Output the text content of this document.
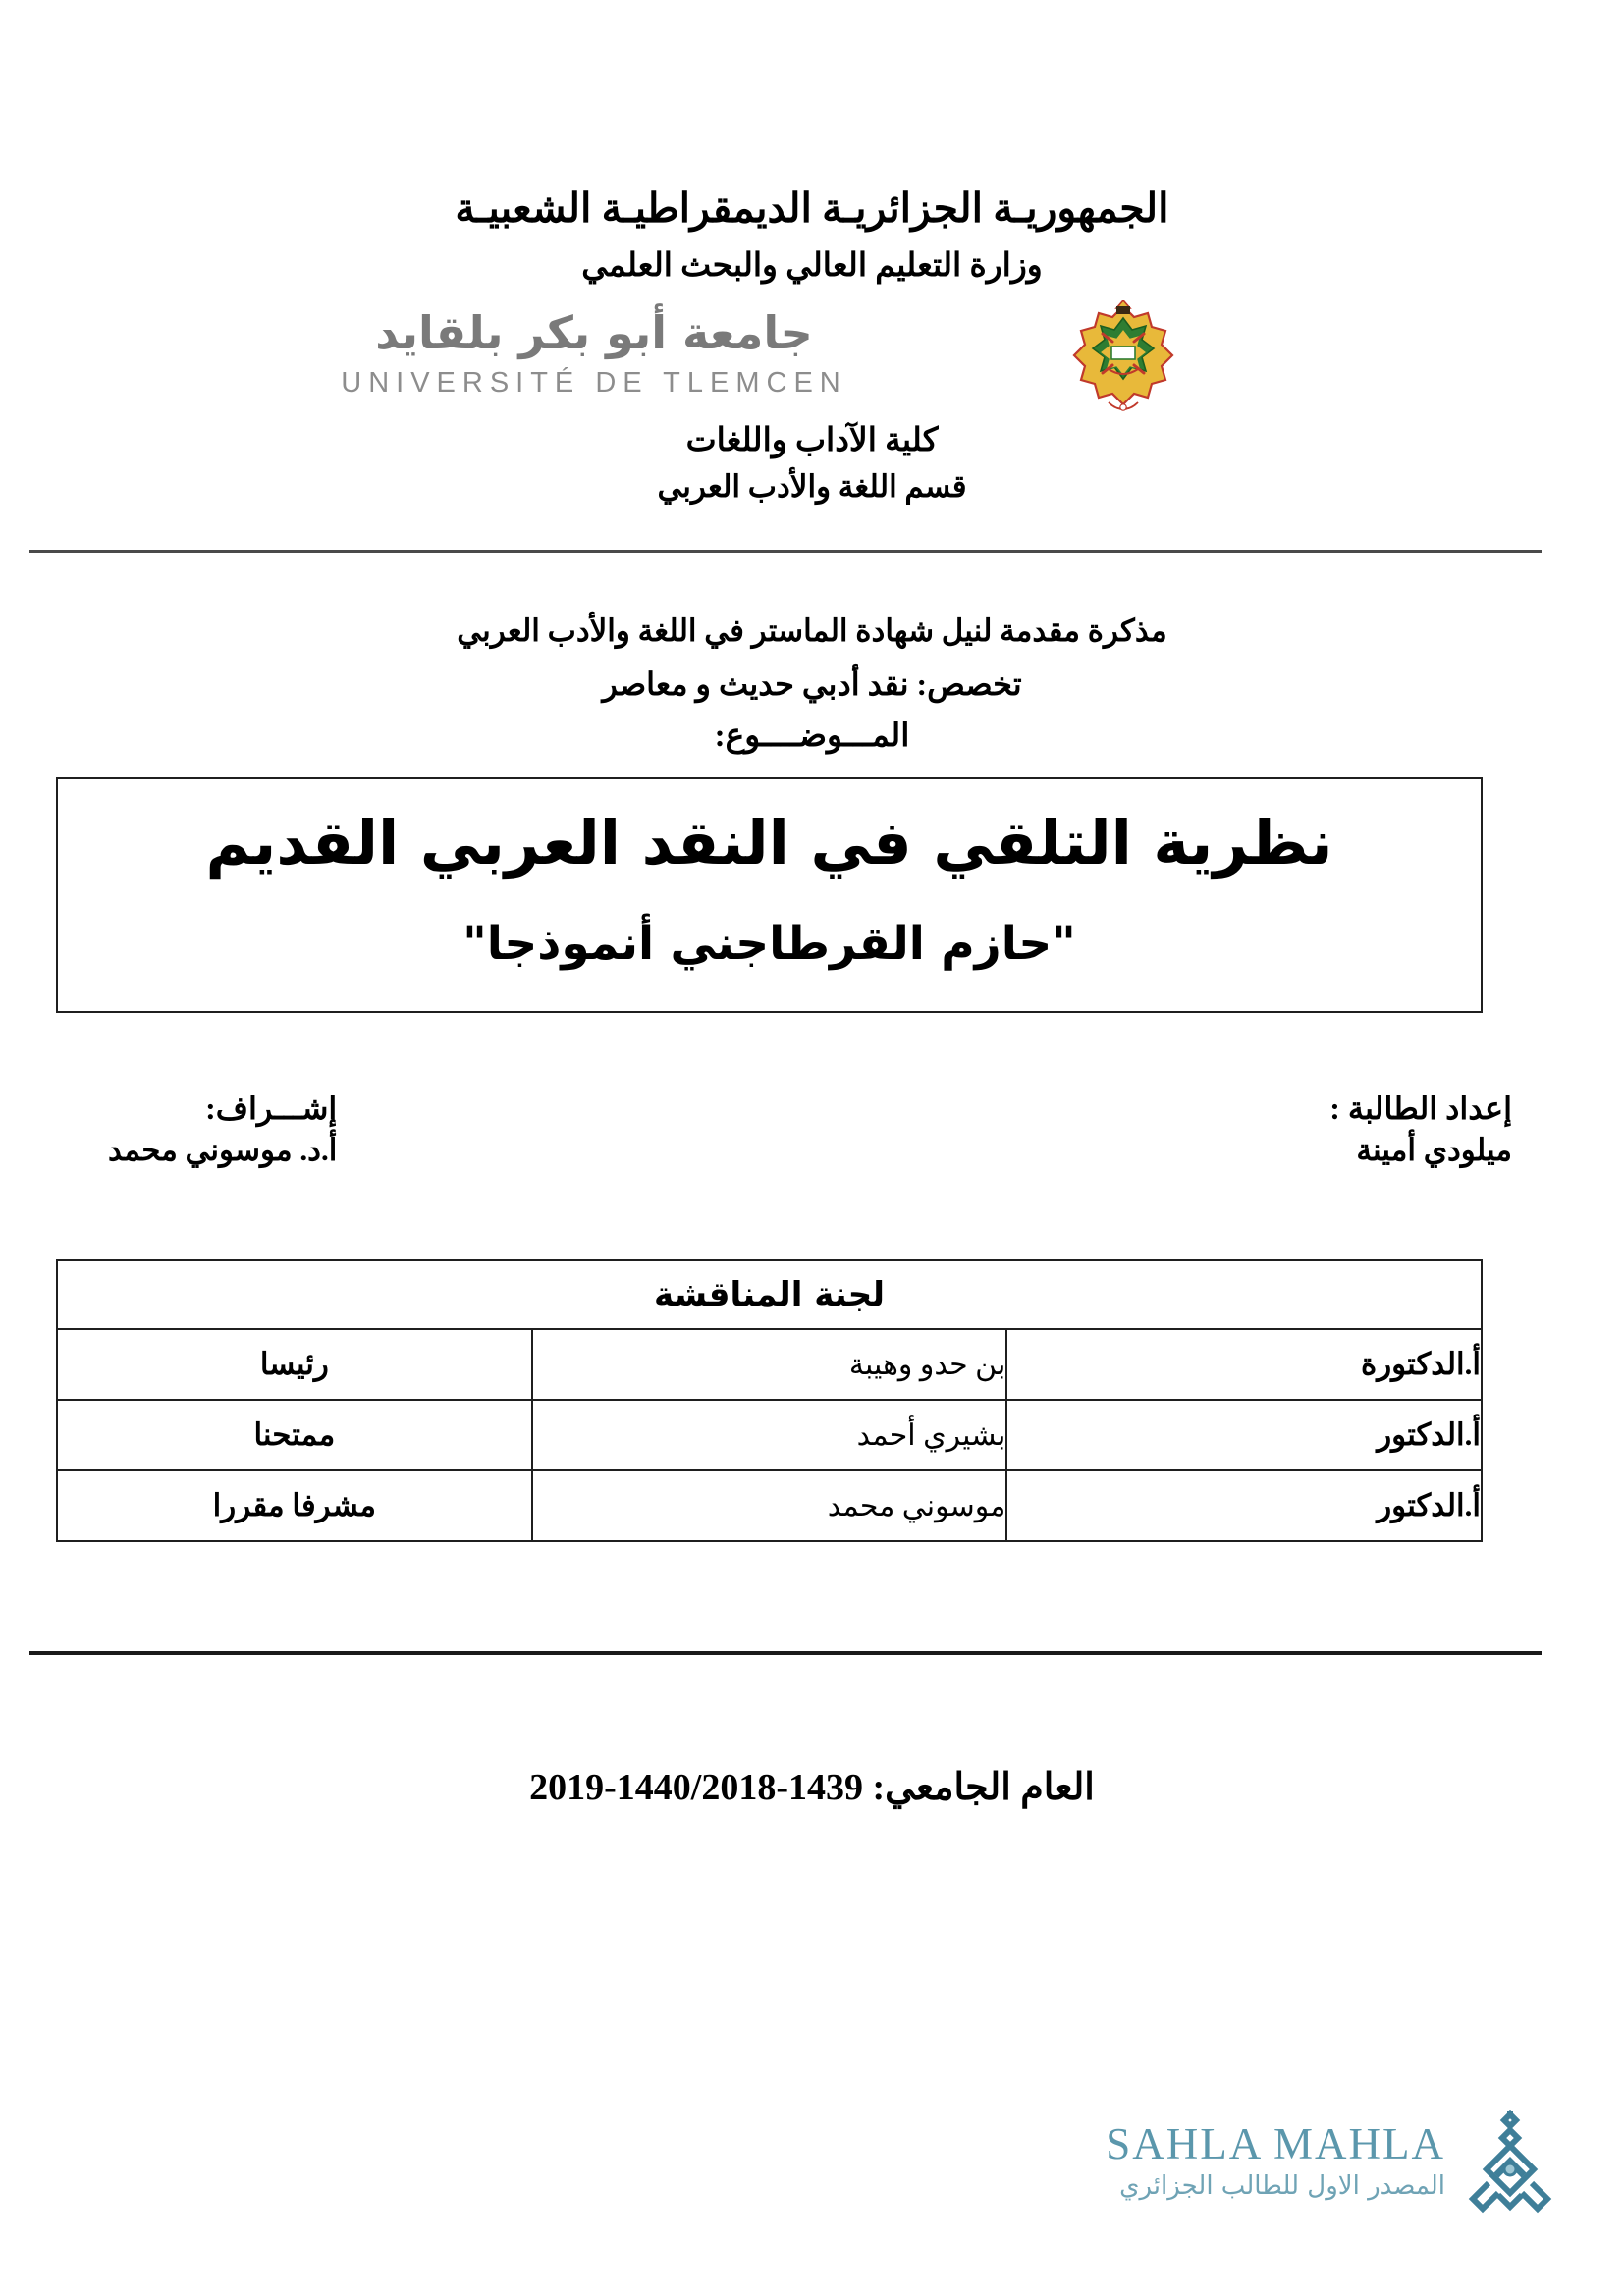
الجمهوريـة الجزائريـة الديمقراطيـة الشعبيـة
وزارة التعليم العالي والبحث العلمي
جامعة أبو بكر بلقايد
UNIVERSITÉ DE TLEMCEN
كلية الآداب واللغات
قسم اللغة والأدب العربي
مذكرة مقدمة لنيل شهادة الماستر في اللغة والأدب العربي
تخصص: نقد أدبي حديث و معاصر
المـــوضــــوع:
نظرية التلقي في النقد العربي القديم
"حازم القرطاجني أنموذجا"
إعداد الطالبة :
ميلودي أمينة
إشـــراف:
أ.د. موسوني محمد
لجنة المناقشة		
أ.الدكتورة	بن حدو وهيبة	رئيسا
أ.الدكتور	بشيري أحمد	ممتحنا
أ.الدكتور	موسوني محمد	مشرفا مقررا
العام الجامعي: 1439-1440/2018-2019
SAHLA MAHLA
المصدر الاول للطالب الجزائري
